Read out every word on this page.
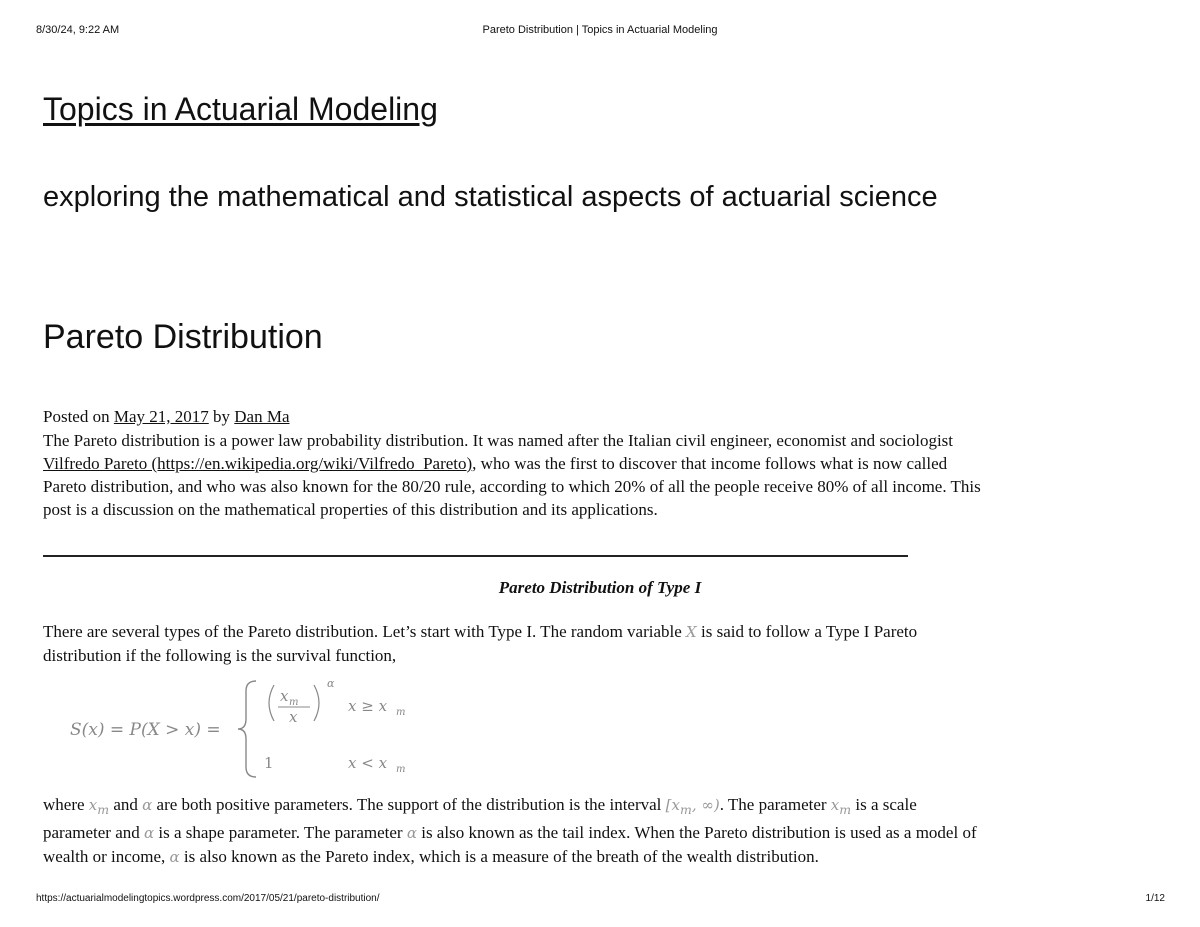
8/30/24, 9:22 AM	Pareto Distribution | Topics in Actuarial Modeling
Topics in Actuarial Modeling
exploring the mathematical and statistical aspects of actuarial science
Pareto Distribution
Posted on May 21, 2017 by Dan Ma
The Pareto distribution is a power law probability distribution. It was named after the Italian civil engineer, economist and sociologist
Vilfredo Pareto (https://en.wikipedia.org/wiki/Vilfredo_Pareto), who was the first to discover that income follows what is now called
Pareto distribution, and who was also known for the 80/20 rule, according to which 20% of all the people receive 80% of all income. This
post is a discussion on the mathematical properties of this distribution and its applications.
Pareto Distribution of Type I
There are several types of the Pareto distribution. Let’s start with Type I. The random variable X is said to follow a Type I Pareto
distribution if the following is the survival function,
S(x) = P(X > x) =
x m
x
α
x ≥ x m
1	x < x m
where $x_m$ and α are both positive parameters. The support of the distribution is the interval [$x_m$, ∞). The parameter $x_m$ is a scale
parameter and α is a shape parameter. The parameter α is also known as the tail index. When the Pareto distribution is used as a model of
wealth or income, α is also known as the Pareto index, which is a measure of the breath of the wealth distribution.
https://actuarialmodelingtopics.wordpress.com/2017/05/21/pareto-distribution/	1/12
